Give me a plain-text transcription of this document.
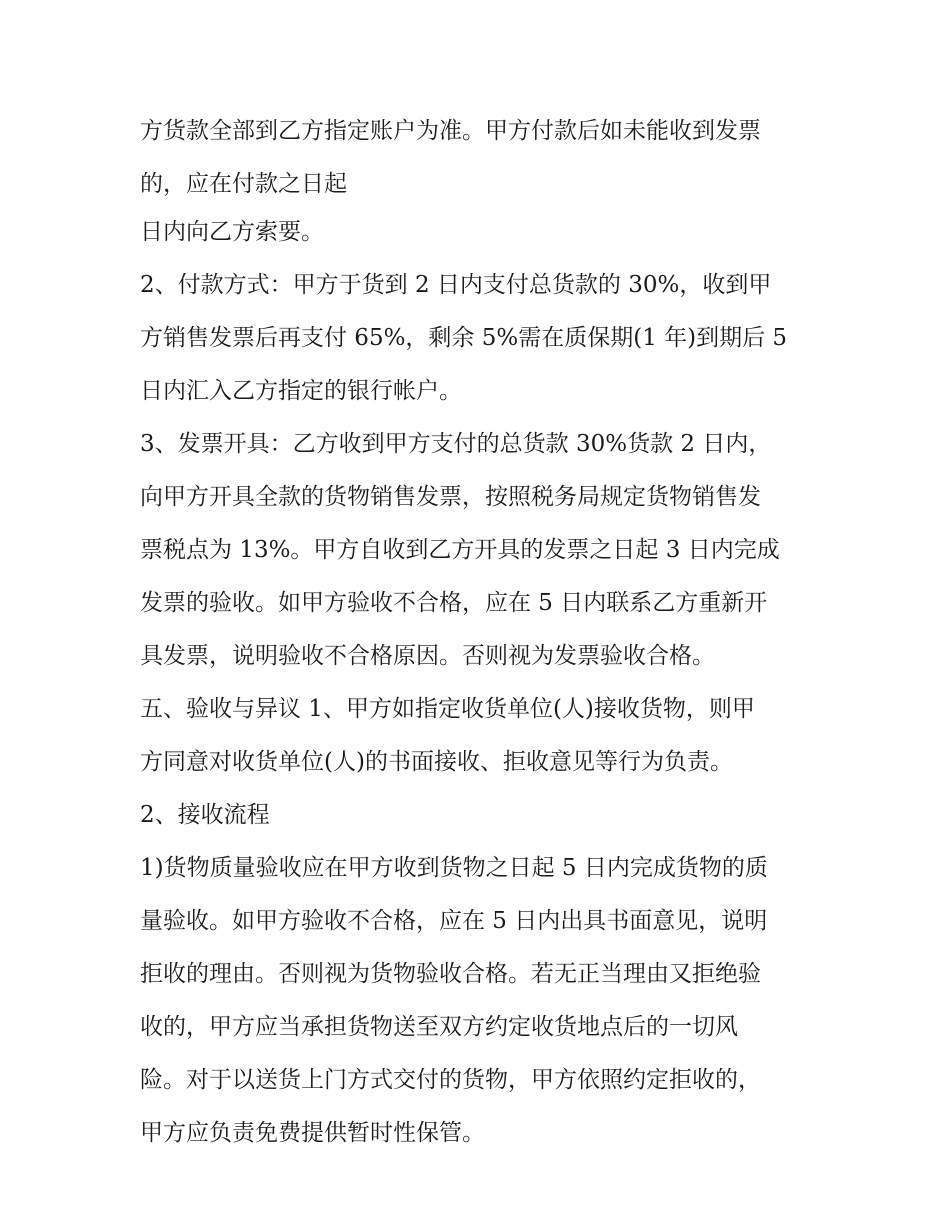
方货款全部到乙方指定账户为准。甲方付款后如未能收到发票
的，应在付款之日起
日内向乙方索要。
2、付款方式：甲方于货到 2 日内支付总货款的 30%，收到甲
方销售发票后再支付 65%，剩余 5%需在质保期(1 年)到期后 5
日内汇入乙方指定的银行帐户。
3、发票开具：乙方收到甲方支付的总货款 30%货款 2 日内，
向甲方开具全款的货物销售发票，按照税务局规定货物销售发
票税点为 13%。甲方自收到乙方开具的发票之日起 3 日内完成
发票的验收。如甲方验收不合格，应在 5 日内联系乙方重新开
具发票，说明验收不合格原因。否则视为发票验收合格。
五、验收与异议 1、甲方如指定收货单位(人)接收货物，则甲
方同意对收货单位(人)的书面接收、拒收意见等行为负责。
2、接收流程
1)货物质量验收应在甲方收到货物之日起 5 日内完成货物的质
量验收。如甲方验收不合格，应在 5 日内出具书面意见，说明
拒收的理由。否则视为货物验收合格。若无正当理由又拒绝验
收的，甲方应当承担货物送至双方约定收货地点后的一切风
险。对于以送货上门方式交付的货物，甲方依照约定拒收的，
甲方应负责免费提供暂时性保管。
